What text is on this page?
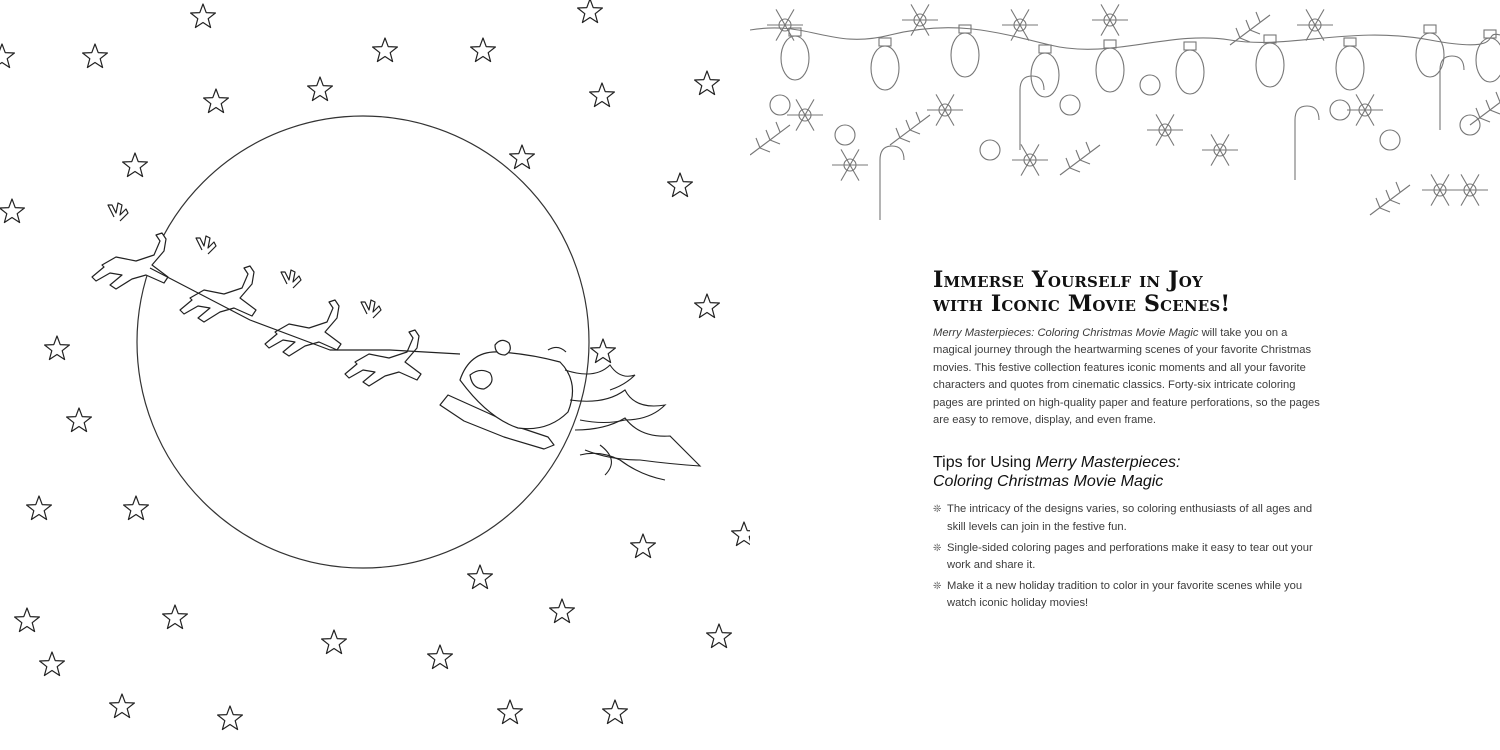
Immerse Yourself in Joy
with Iconic Movie Scenes!

Merry Masterpieces: Coloring Christmas Movie Magic will take you on a magical journey through the heartwarming scenes of your favorite Christmas movies. This festive collection features iconic moments and all your favorite characters and quotes from cinematic classics. Forty-six intricate coloring pages are printed on high-quality paper and feature perforations, so the pages are easy to remove, display, and even frame.

Tips for Using Merry Masterpieces:
Coloring Christmas Movie Magic
❊ The intricacy of the designs varies, so coloring enthusiasts of all ages and skill levels can join in the festive fun.
❊ Single-sided coloring pages and perforations make it easy to tear out your work and share it.
❊ Make it a new holiday tradition to color in your favorite scenes while you watch iconic holiday movies!
